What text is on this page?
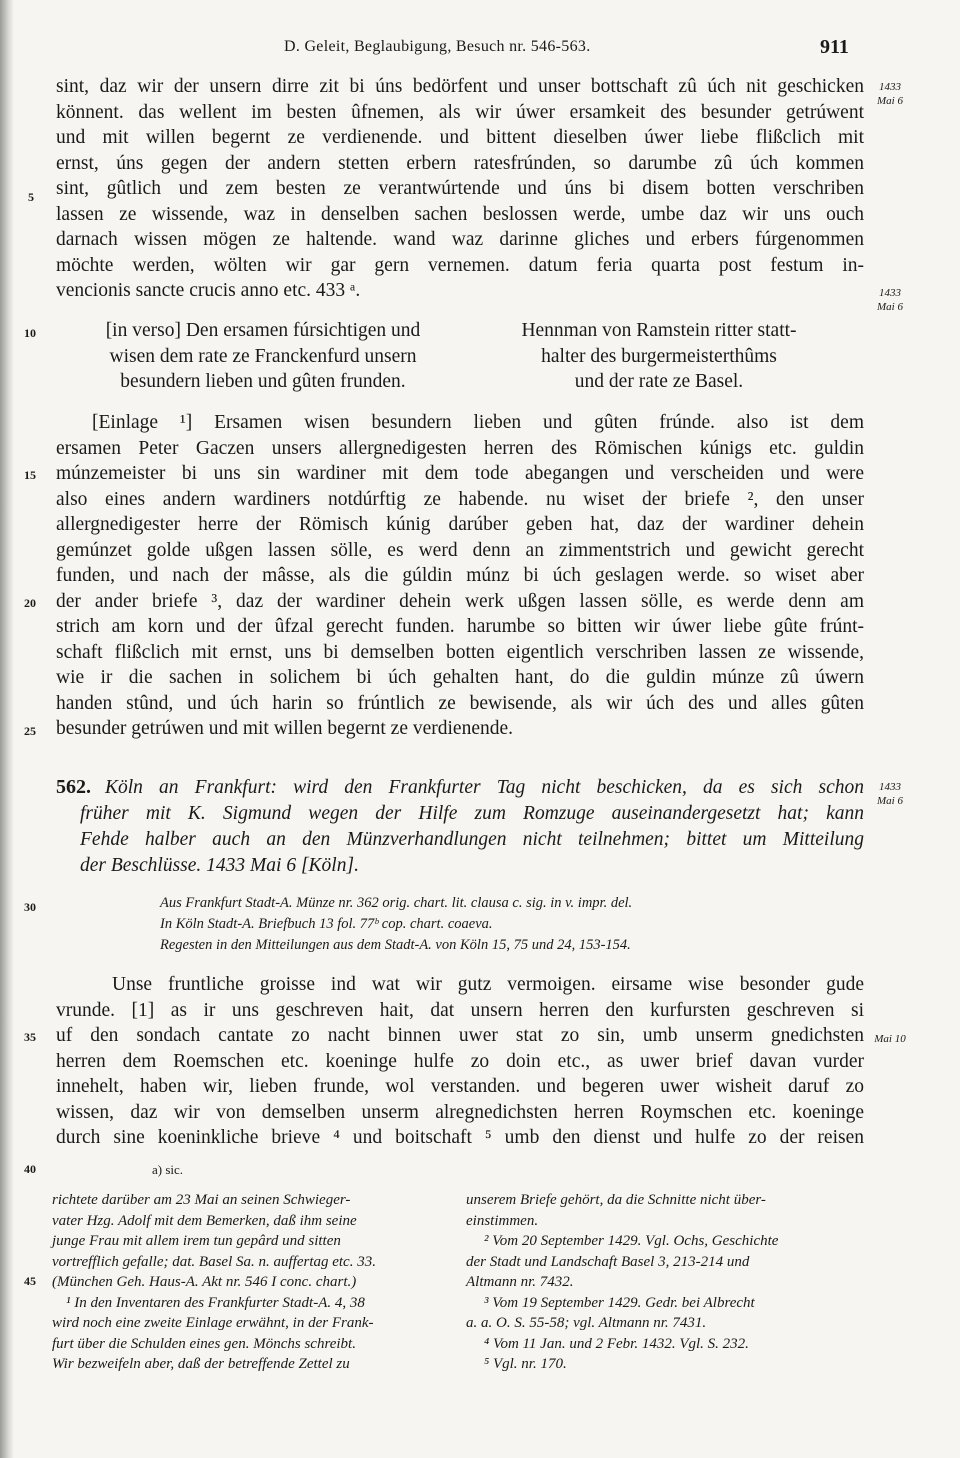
D. Geleit, Beglaubigung, Besuch nr. 546-563.	911
sint, daz wir der unsern dirre zit bi úns bedörfent und unser bottschaft zû úch nit geschicken
könnent. das wellent im besten ûfnemen, als wir úwer ersamkeit des besunder getrúwent
und mit willen begernt ze verdienende. und bittent dieselben úwer liebe flißclich mit
ernst, úns gegen der andern stetten erbern ratesfrúnden, so darumbe zû úch kommen
sint, gûtlich und zem besten ze verantwúrtende und úns bi disem botten verschriben
lassen ze wissende, waz in denselben sachen beslossen werde, umbe daz wir uns ouch
darnach wissen mögen ze haltende. wand waz darinne gliches und erbers fúrgenommen
möchte werden, wölten wir gar gern vernemen. datum feria quarta post festum in-
vencionis sancte crucis anno etc. 433 ᵃ.
[in verso] Den ersamen fúrsichtigen und
wisen dem rate ze Franckenfurd unsern
besundern lieben und gûten frunden.
Hennman von Ramstein ritter statt-
halter des burgermeisterthûms
und der rate ze Basel.
[Einlage ¹] Ersamen wisen besundern lieben und gûten frúnde. also ist dem
ersamen Peter Gaczen unsers allergnedigesten herren des Römischen kúnigs etc. guldin
múnzemeister bi uns sin wardiner mit dem tode abegangen und verscheiden und were
also eines andern wardiners notdúrftig ze habende. nu wiset der briefe ², den unser
allergnedigester herre der Römisch kúnig darúber geben hat, daz der wardiner dehein
gemúnzet golde ußgen lassen sölle, es werd denn an zimmentstrich und gewicht gerecht
funden, und nach der mâsse, als die gúldin múnz bi úch geslagen werde. so wiset aber
der ander briefe ³, daz der wardiner dehein werk ußgen lassen sölle, es werde denn am
strich am korn und der ûfzal gerecht funden. harumbe so bitten wir úwer liebe gûte frúnt-
schaft flißclich mit ernst, uns bi demselben botten eigentlich verschriben lassen ze wissende,
wie ir die sachen in solichem bi úch gehalten hant, do die guldin múnze zû úwern
handen stûnd, und úch harin so frúntlich ze bewisende, als wir úch des und alles gûten
besunder getrúwen und mit willen begernt ze verdienende.
562. Köln an Frankfurt: wird den Frankfurter Tag nicht beschicken, da es sich schon
früher mit K. Sigmund wegen der Hilfe zum Romzuge auseinandergesetzt hat; kann
Fehde halber auch an den Münzverhandlungen nicht teilnehmen; bittet um Mitteilung
der Beschlüsse. 1433 Mai 6 [Köln].
Aus Frankfurt Stadt-A. Münze nr. 362 orig. chart. lit. clausa c. sig. in v. impr. del.
In Köln Stadt-A. Briefbuch 13 fol. 77ᵇ cop. chart. coaeva.
Regesten in den Mitteilungen aus dem Stadt-A. von Köln 15, 75 und 24, 153-154.
Unse fruntliche groisse ind wat wir gutz vermoigen. eirsame wise besonder gude
vrunde. [1] as ir uns geschreven hait, dat unsern herren den kurfursten geschreven si
uf den sondach cantate zo nacht binnen uwer stat zo sin, umb unserm gnedichsten
herren dem Roemschen etc. koeninge hulfe zo doin etc., as uwer brief davan vurder
innehelt, haben wir, lieben frunde, wol verstanden. und begeren uwer wisheit daruf zo
wissen, daz wir von demselben unserm alregnedichsten herren Roymschen etc. koeninge
durch sine koeninkliche brieve ⁴ und boitschaft ⁵ umb den dienst und hulfe zo der reisen
a) sic.
richtete darüber am 23 Mai an seinen Schwieger-
vater Hzg. Adolf mit dem Bemerken, daß ihm seine
junge Frau mit allem irem tun gepârd und sitten
vortrefflich gefalle; dat. Basel Sa. n. auffertag etc. 33.
(München Geh. Haus-A. Akt nr. 546 I conc. chart.)
¹ In den Inventaren des Frankfurter Stadt-A. 4, 38
wird noch eine zweite Einlage erwähnt, in der Frank-
furt über die Schulden eines gen. Mönchs schreibt.
Wir bezweifeln aber, daß der betreffende Zettel zu
unserem Briefe gehört, da die Schnitte nicht über-
einstimmen.
² Vom 20 September 1429. Vgl. Ochs, Geschichte
der Stadt und Landschaft Basel 3, 213-214 und
Altmann nr. 7432.
³ Vom 19 September 1429. Gedr. bei Albrecht
a. a. O. S. 55-58; vgl. Altmann nr. 7431.
⁴ Vom 11 Jan. und 2 Febr. 1432. Vgl. S. 232.
⁵ Vgl. nr. 170.
5
10
15
20
25
30
35
40
45
1433
Mai 6
1433
Mai 6
1433
Mai 6
Mai 10
